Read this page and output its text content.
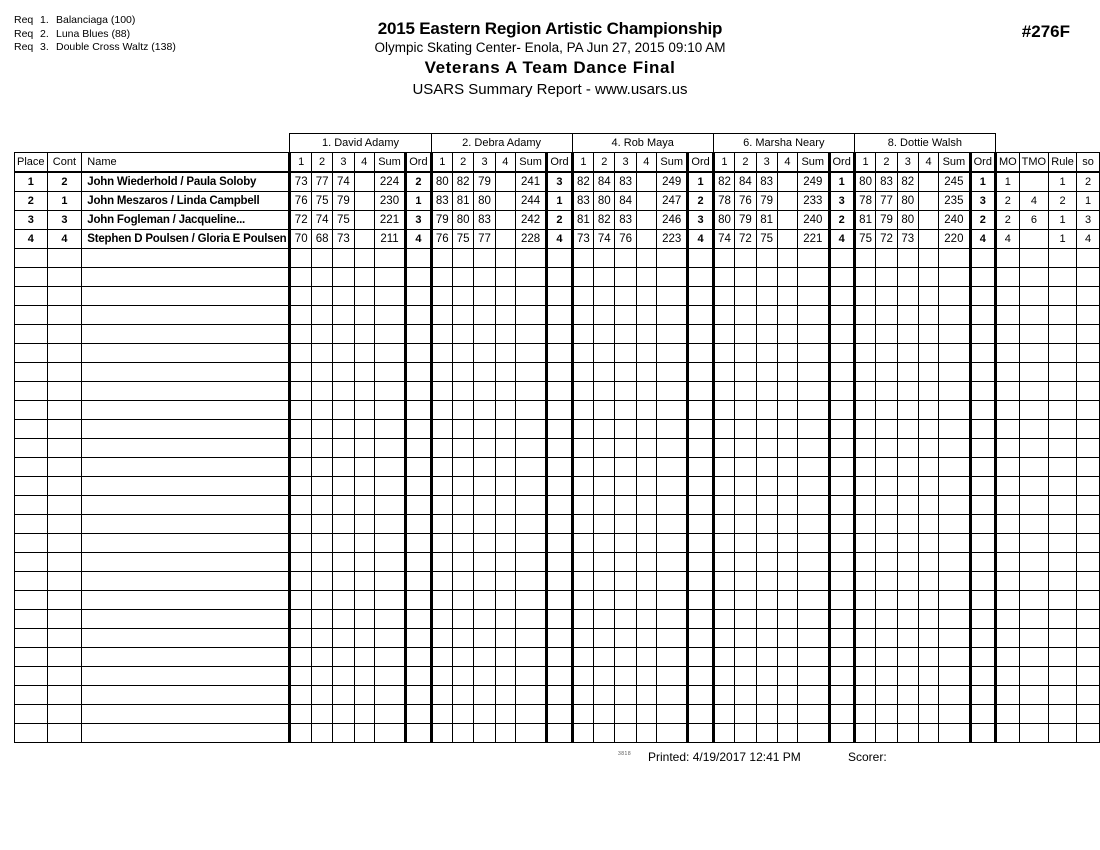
Req 1. Balanciaga (100)
Req 2. Luna Blues (88)
Req 3. Double Cross Waltz (138)
2015 Eastern Region Artistic Championship
Olympic Skating Center- Enola, PA Jun 27, 2015 09:10 AM
Veterans A Team Dance Final
USARS Summary Report - www.usars.us
#276F
			1. David Adamy						2. Debra Adamy						4. Rob Maya						6. Marsha Neary						8. Dottie Walsh									
Place	Cont	Name	1	2	3	4	Sum	Ord	1	2	3	4	Sum	Ord	1	2	3	4	Sum	Ord	1	2	3	4	Sum	Ord	1	2	3	4	Sum	Ord	MO	TMO	Rule	so
1	2	John Wiederhold / Paula Soloby	73	77	74		224	2	80	82	79		241	3	82	84	83		249	1	82	84	83		249	1	80	83	82		245	1	1		1	2
2	1	John Meszaros / Linda Campbell	76	75	79		230	1	83	81	80		244	1	83	80	84		247	2	78	76	79		233	3	78	77	80		235	3	2	4	2	1
3	3	John Fogleman / Jacqueline...	72	74	75		221	3	79	80	83		242	2	81	82	83		246	3	80	79	81		240	2	81	79	80		240	2	2	6	1	3
4	4	Stephen D Poulsen / Gloria E Poulsen	70	68	73		211	4	76	75	77		228	4	73	74	76		223	4	74	72	75		221	4	75	72	73		220	4	4		1	4

3818 Printed: 4/19/2017 12:41 PM	Scorer:
